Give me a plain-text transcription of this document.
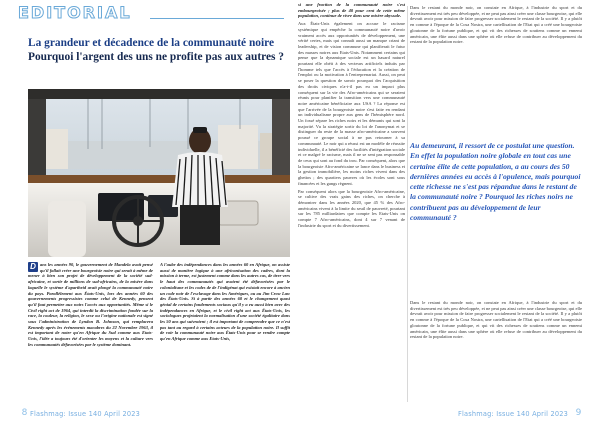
EDITORIAL
La grandeur et décadence de la communauté noire
Pourquoi l'argent des uns ne profite pas aux autres ?
D ans les années 90, le gouvernement de Mandela avait pensé qu'il fallait créer une bourgeoisie noire qui serait à même de mener à bien son projet de développement de la société sud-africaine, et sortir de millions de sud-africains, de la misère dans laquelle le système d'apartheid avait plongé la communauté noire du pays. Parallèlement aux États-Unis, lors des années 60 des gouvernements progressistes comme celui de Kennedy, pensent qu'il faut permettre aux noirs l'accès aux opportunités. Même si le Civil right act de 1964, qui interdit la discrimination fondée sur la race, la couleur, la religion, le sexe ou l'origine nationale est signé sous l'administration de Lyndon B. Johnson, qui remplacera Kennedy après les événements macabres du 22 Novembre 1963, il est important de noter qu'en Afrique du Sud comme aux Etats-Unis, l'idée a toujours été d'orienter les moyens et la culture vers les communautés défavorisées par le système dominant.
A l'aube des indépendances dans les années 60 en Afrique, on assiste aussi de manière logique à une africanisation des cadres, dont la mission à terme, est justement comme dans les autres cas, de tirer vers le haut des communautés qui avaient été défavorisées par le colonialisme et les codes de de l'indigénat qui existait encore à ancien un code noir de l'esclavage dans les Amériques, ou au Jim Crow Law des États-Unis. Si à partir des années 60 et le changement quasi génial de certains fondements sociaux qu'il y a eu aussi bien avec des indépendances en Afrique, et le civil right act aux États-Unis, les sociologues projetaient la normalisation d'une société égalitaire dans les 50 ans qui suivraient ; il est important de comprendre que ce n'est pas tant au regard à certains acteurs de la population noire. Il suffit de voir la communauté noire aux États-Unis pour se rendre compte qu'en Afrique comme aux Etats-Unis,
si une fraction de la communauté noire s'est embourgeoisée ; plus de 40 pour cent de cette même population, continue de vivre dans une misère abyssale.
Aux États-Unis également on accuse le racisme systémique qui empêche la communauté noire d'avoir vraiment accès aux opportunités de développement, une vérité certes, mais qui connaît aussi un manque criant de leadership, et de vision commune qui planifierait le futur des masses noires aux Etats-Unis. Notamment certains qui pense que la dynamique sociale est un hasard naturel pourtant elle obéit à des vecteurs artificiels induits par l'homme tels que l'accès à l'éducation et la création de l'emploi ou la motivation à l'entreprenariat. Aussi, on peut se poser la question de savoir pourquoi des l'acquisition des droits civiques n'a-t-il pas eu un impact plus conséquent sur la vie des Afro-américains qui se seraient réunis pour planifier la transition vers une communauté noire américaine bénéficiaire aux USA ? La réponse est que l'arrivée de la bourgeoisie noire s'est faite en rendant un individualisme propre aux gens de l'hémisphère nord. Un fossé sépare les riches noirs et les démunis qui sont la majorité. Vu la stratégie sortir du lot de l'anonymat et se distinguer du reste de la masse afro-américaine a souvent poussé ce groupe social à ne pas retourner à sa communauté. Le noir qui a réussi est un modèle de réussite individuelle, il a bénéficié des facilités d'intégration sociale et ce malgré le racisme, mais il ne se sent pas responsable de ceux qui sont au fond du trou. Par conséquent, alors que la bourgeoisie Afro-américaine se lance dans le business et la gestion immobilière, les moins riches vivent dans des ghettos ; des quartiers pauvres où les écoles sont sous financées et les gangs règnent.
Par conséquent alors que la bourgeoisie Afro-américaine, se cultive des vrais gains des riches, on cherche à démontrer dans les années 2020, que 45 % des Afro-américains vivent à la limite du seuil de pauvreté, pourtant sur les 785 milliardaires que compte les Etats-Unis on compte 7 Afro-américains, dont 4 sur 7 venant de l'industrie du sport et du divertissement.
Dans le restant du monde noir, on constate en Afrique, à l'industrie du sport et du divertissement est très peu développée, et ne peut pas ainsi créer une classe bourgeoise, qui elle devrait avoir pour mission de faire progresser socialement le restant de la société. Il y a plutôt en comme à l'époque de la Cosa Nostra, une cartellisation de l'Etat qui a créé une bourgeoisie gloutonne de la fortune publique, et qui vit des richesses de soutiens comme un ennemi américain, une élite aussi dans une sphère où elle refuse de contribuer au développement du restant de la population noire.
Au demeurant, il ressort de ce postulat une question. En effet la population noire globale en tout cas une certaine élite de cette population, a au cours des 50 dernières années eu accès à l'opulence, mais pourquoi cette richesse ne s'est pas répandue dans le restant de la communauté noire ? Pourquoi les riches noirs ne contribuent pas au développement de leur communauté ?
Dans le restant du monde noir, on constate en Afrique, à l'industrie du sport et du divertissement est très peu développée, et ne peut pas ainsi créer une classe bourgeoise, qui elle devrait avoir pour mission de faire progresser socialement le restant de la société. Il y a plutôt en comme à l'époque de la Cosa Nostra, une cartellisation de l'Etat qui a créé une bourgeoisie gloutonne de la fortune publique, et qui vit des richesses de soutiens comme un ennemi américain, une élite aussi dans une sphère où elle refuse de contribuer au développement du restant de la population noire.
8 Flashmag: Issue 140 April 2023	Flashmag: Issue 140 April 2023 9
